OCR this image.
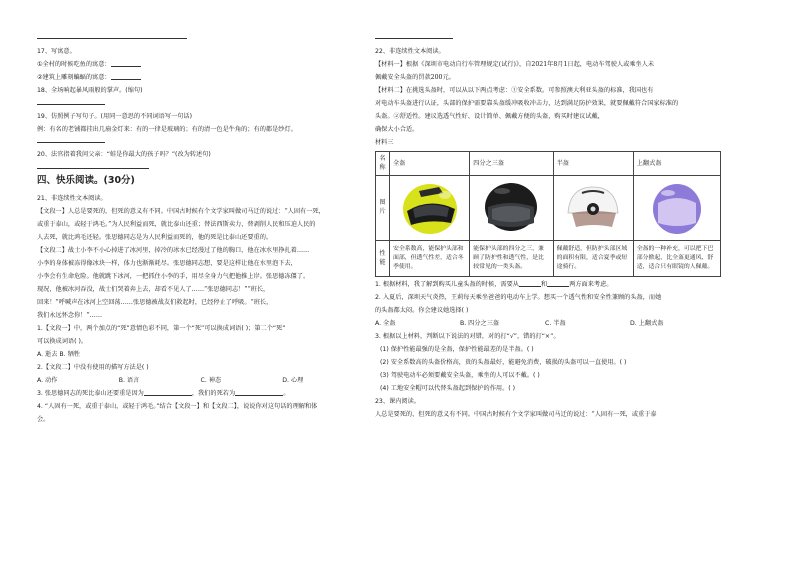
17、写寓意。
①全村的时候吃鱼的寓意：
②建筑上雕刻蝙蝠的寓意：
18、全场响起暴风雨般的掌声。(缩句)
19、仿照例子写句子。(用同一意思的不同词语写一句话)
例：有名的老铺都挂出几扇金灯来：有的一律是玻璃的；有的清一色是牛角的；有的都是纱灯。
20、法官指着我问父亲：“蛙是你最大的孩子吗？”(改为转述句)
四、快乐阅读。(30分)
21、非连续性文本阅读。
【文段一】人总是要死的，但死的意义有不同。中国古时候有个文学家叫做司马迁的说过：“人固有一死，
或重于泰山，或轻于鸿毛。”为人民利益而死，就比泰山还重；替法西斯卖力，替剥削人民和压迫人民的
人去死，就比鸿毛还轻。张思德同志是为人民利益而死的，他的死是比泰山还要重的。
【文段二】战士小李不小心掉进了冰河里，掉冷的冰水已经漫过了他的胸口，他在冰水里挣扎着……
小李的身体被冻得像冰块一样，体力也渐渐耗尽。张思德同志想，要是这样让他在水里泡下去，
小李会有生命危险。他就跳下冰河，一把抓住小李的手，用尽全身力气把他推上岸。张思德冻僵了。
现况，他被冰河吞没，战士们哭着奔上去，却看不见人了……“张思德同志！”“班长，
回来！”呼喊声在冰河上空回荡……张思德被战友们救起时，已经停止了呼吸。“班长，
我们永远怀念你！”……
1.【文段一】中，两个加点的“死”意情色彩不同，第一个“死”可以换成词语( )；第二个“死”
可以换成词语( )。
A. 逝去 B. 牺牲
2.【文段二】中没有使用的描写方法是( )
A. 动作	B. 语言	C. 神态	D. 心理
3. 张思德同志的死比泰山还要重是因为	，我们的死若为	。
4. “人固有一死，或重于泰山，或轻于鸿毛。”结合【文段一】和【文段二】，说说你对这句话的理解和体
会。
22、非连续性文本阅读。
【材料一】根据《深圳市电动自行车管理规定(试行)》，自2021年8月1日起，电动车驾驶人或乘坐人未
佩戴安全头盔的罚款200元。
【材料二】在挑选头盔时，可以从以下两点考虑：①安全系数。可参照澳大利亚头盔的标准，我国也有
对电动车头盔进行认证，头部的保护需要靠头盔缓冲吸收冲击力，达到满足防护效果，就要佩戴符合国家标准的
头盔。②舒适性。建议选透气性好、设计简单、佩戴方便的头盔，购买时建议试戴，
确保大小合适。
材料三
名称	全盔	四分之三盔	半盔	上翻式盔
图片	

性能	安全系数高，能保护头部和面部，但透气性差，适合冬季使用。	能保护头部的四分之三，兼顾了防护性和透气性，是比较常见的一类头盔。	佩戴舒适，但防护头部区域的面积有限，适合夏季或短途骑行。	全盔的一种补充，可以把下巴部分掀起，比全盔更通风、舒适，适合只有眼镜的人佩戴。
1. 根据材料，我了解到购买儿童头盔的时候，需要从	和	两方面来考虑。
2. 入夏后，深圳天气炎热，王莉每天乘坐爸爸的电动车上学。想买一个透气性和安全性兼顾的头盔，而她
的头盔都太闷。你会建议她选择( )
A. 全盔	B. 四分之三盔	C. 半盔	D. 上翻式盔
3. 根据以上材料，判断以下说法的对错，对的打“√”，错的打“×”。
(1) 保护性能最强的是全盔，保护性能最差的是半盔。( )
(2) 安全系数高的头盔价格高，贵的头盔最好，能避免消费，破损的头盔可以一直使用。( )
(3) 驾驶电动车必须要戴安全头盔，乘坐的人可以不戴。( )
(4) 工地安全帽可以代替头盔起到保护的作用。( )
23、课内阅读。
人总是要死的，但死的意义有不同。中国古时候有个文学家叫做司马迁的说过：“人固有一死，或重于泰
